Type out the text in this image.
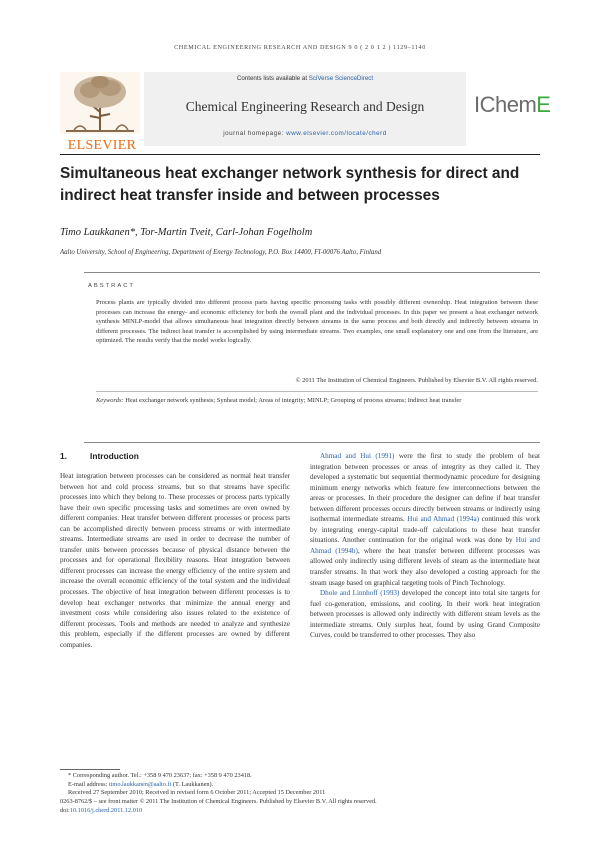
CHEMICAL ENGINEERING RESEARCH AND DESIGN 9 0 ( 2 0 1 2 ) 1129–1140
ELSEVIER
Contents lists available at SciVerse ScienceDirect
Chemical Engineering Research and Design
journal homepage: www.elsevier.com/locate/cherd
IChemE
Simultaneous heat exchanger network synthesis for direct and indirect heat transfer inside and between processes
Timo Laukkanen*, Tor-Martin Tveit, Carl-Johan Fogelholm
Aalto University, School of Engineering, Department of Energy Technology, P.O. Box 14400, FI-00076 Aalto, Finland
ABSTRACT

Process plants are typically divided into different process parts having specific processing tasks with possibly different ownership. Heat integration between these processes can increase the energy- and economic efficiency for both the overall plant and the individual processes. In this paper we present a heat exchanger network synthesis MINLP-model that allows simultaneous heat integration directly between streams in the same process and both directly and indirectly between streams in different processes. The indirect heat transfer is accomplished by using intermediate streams. Two examples, one small explanatory one and one from the literature, are optimized. The results verify that the model works logically.

© 2011 The Institution of Chemical Engineers. Published by Elsevier B.V. All rights reserved.
Keywords: Heat exchanger network synthesis; Synheat model; Areas of integrity; MINLP; Grouping of process streams; Indirect heat transfer
1.	Introduction

Heat integration between processes can be considered as normal heat transfer between hot and cold process streams, but so that streams have specific processes into which they belong to. These processes or process parts typically have their own specific processing tasks and sometimes are even owned by different companies. Heat transfer between different processes or process parts can be accomplished directly between process streams or with intermediate streams. Intermediate streams are used in order to decrease the number of transfer units between processes because of physical distance between the processes and for operational flexibility reasons. Heat integration between different processes can increase the energy efficiency of the entire system and increase the overall economic efficiency of the total system and the individual processes. The objective of heat integration between different processes is to develop heat exchanger networks that minimize the annual energy and investment costs while considering also issues related to the existence of different processes. Tools and methods are needed to analyze and synthesize this problem, especially if the different processes are owned by different companies.

Ahmad and Hui (1991) were the first to study the problem of heat integration between processes or areas of integrity as they called it. They developed a systematic but sequential thermodynamic procedure for designing minimum energy networks which feature few interconnections between the areas or processes. In their procedure the designer can define if heat transfer between different processes occurs directly between streams or indirectly using isothermal intermediate streams. Hui and Ahmad (1994a) continued this work by integrating energy-capital trade-off calculations to these heat transfer situations. Another continuation for the original work was done by Hui and Ahmad (1994b), where the heat transfer between different processes was allowed only indirectly using different levels of steam as the intermediate heat transfer streams. In that work they also developed a costing approach for the steam usage based on graphical targeting tools of Pinch Technology.

Dhole and Linnhoff (1993) developed the concept into total site targets for fuel co-generation, emissions, and cooling. In their work heat integration between processes is allowed only indirectly with different steam levels as the intermediate streams. Only surplus heat, found by using Grand Composite Curves, could be transferred to other processes. They also

* Corresponding author. Tel.: +358 9 470 23637; fax: +358 9 470 23418.
E-mail address: timo.laukkanen@aalto.fi (T. Laukkanen).
Received 27 September 2010; Received in revised form 6 October 2011; Accepted 15 December 2011
0263-8762/$ – see front matter © 2011 The Institution of Chemical Engineers. Published by Elsevier B.V. All rights reserved.
doi:10.1016/j.cherd.2011.12.010
